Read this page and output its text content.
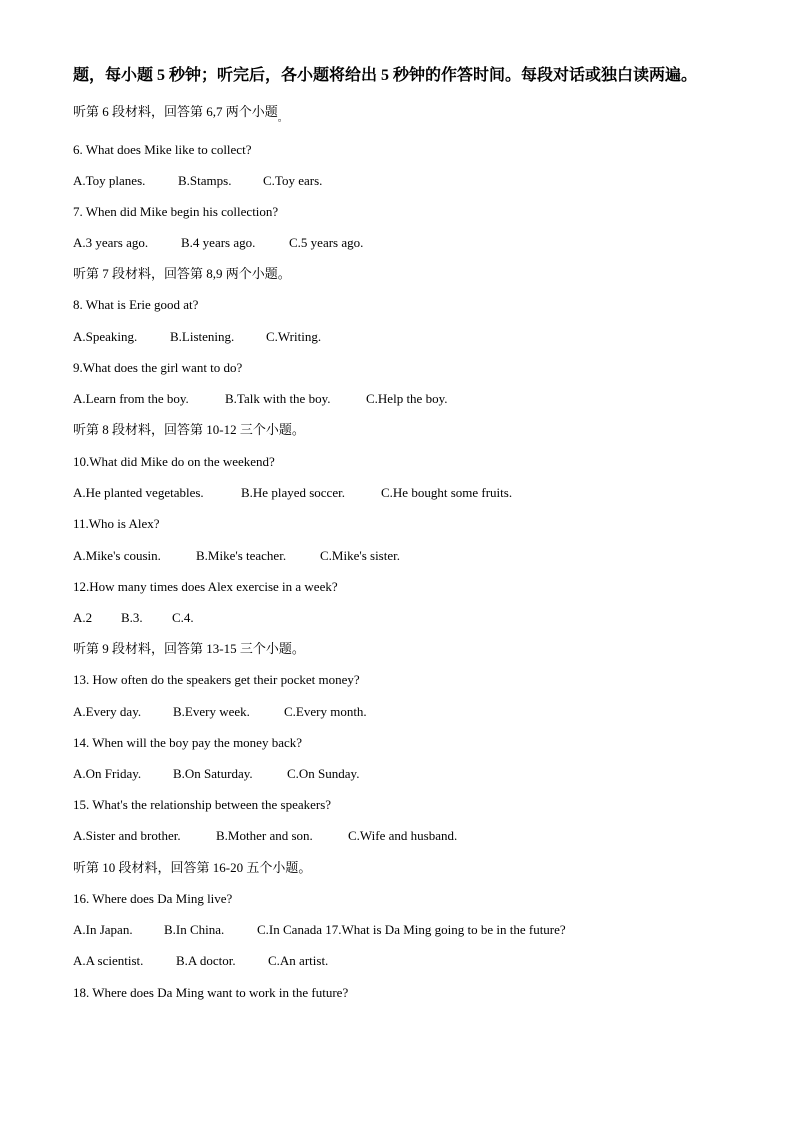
题，每小题 5 秒钟；听完后，各小题将给出 5 秒钟的作答时间。每段对话或独白读两遍。
听第 6 段材料，回答第 6,7 两个小题$_。$
6. What does Mike like to collect?
A.Toy planes.	B.Stamps. C.Toy ears.
7. When did Mike begin his collection?
A.3 years ago.	B.4 years ago.	C.5 years ago.
听第 7 段材料，回答第 8,9 两个小题。
8. What is Erie good at?
A.Speaking.	B.Listening. C.Writing.
9.What does the girl want to do?
A.Learn from the boy.	B.Talk with the boy.	C.Help the boy.
听第 8 段材料，回答第 10-12 三个小题。
10.What did Mike do on the weekend?
A.He planted vegetables.	B.He played soccer.	C.He bought some fruits.
11.Who is Alex?
A.Mike's cousin.	B.Mike's teacher.	C.Mike's sister.
12.How many times does Alex exercise in a week?
A.2 B.3. C.4.
听第 9 段材料，回答第 13-15 三个小题。
13. How often do the speakers get their pocket money?
A.Every day. B.Every week.	C.Every month.
14. When will the boy pay the money back?
A.On Friday. B.On Saturday.	C.On Sunday.
15. What's the relationship between the speakers?
A.Sister and brother.	B.Mother and son.	C.Wife and husband.
听第 10 段材料，回答第 16-20 五个小题。
16. Where does Da Ming live?
A.In Japan. B.In China.	C.In Canada 17.What is Da Ming going to be in the future?
A.A scientist.	B.A doctor. C.An artist.
18. Where does Da Ming want to work in the future?
